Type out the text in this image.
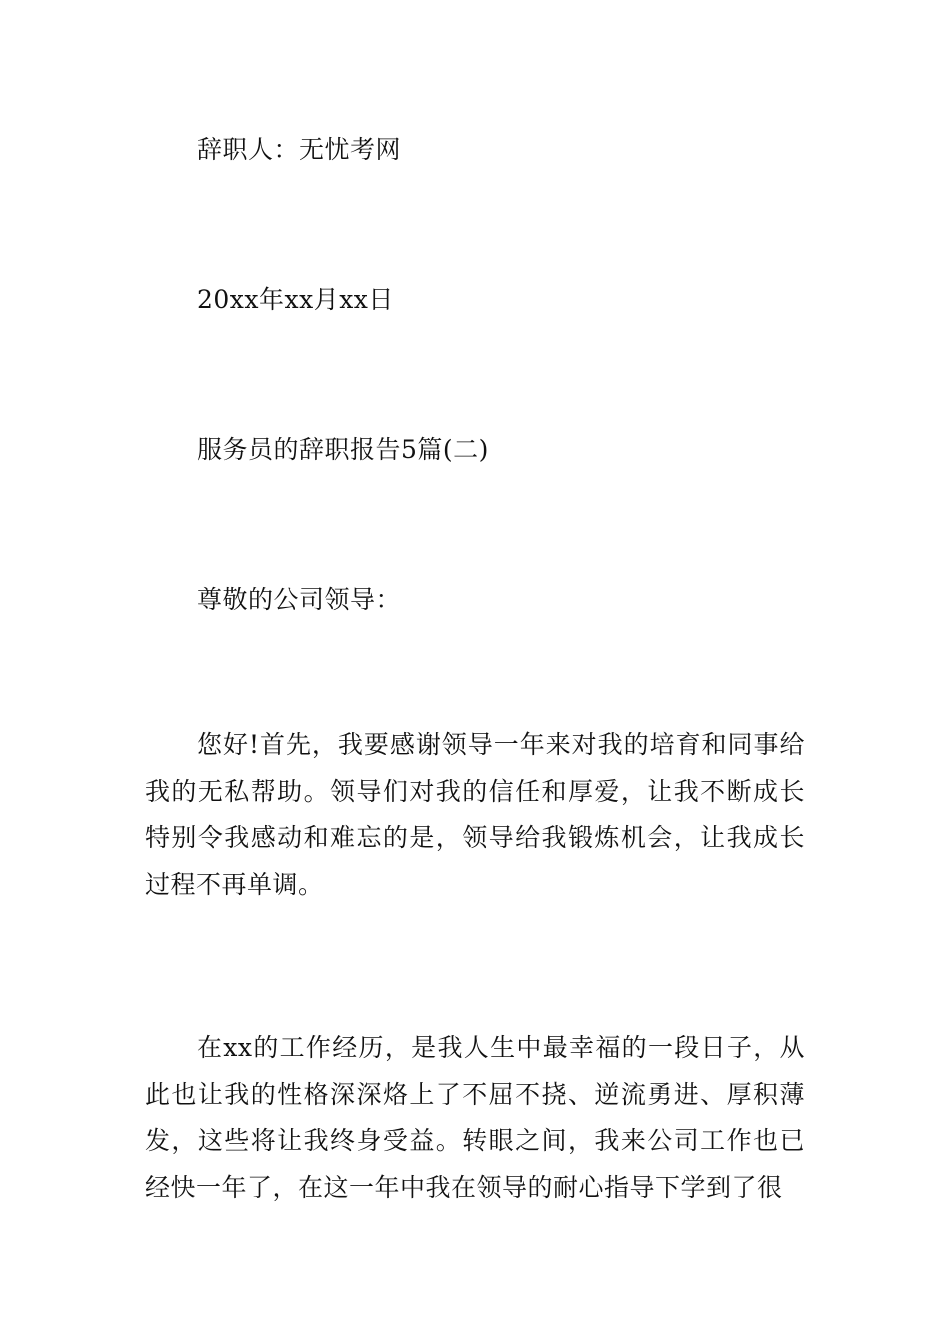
辞职人：无忧考网
20xx年xx月xx日
服务员的辞职报告5篇(二)
尊敬的公司领导：
您好!首先，我要感谢领导一年来对我的培育和同事给我的无私帮助。领导们对我的信任和厚爱，让我不断成长特别令我感动和难忘的是，领导给我锻炼机会，让我成长过程不再单调。
在xx的工作经历，是我人生中最幸福的一段日子，从此也让我的性格深深烙上了不屈不挠、逆流勇进、厚积薄发，这些将让我终身受益。转眼之间，我来公司工作也已经快一年了，在这一年中我在领导的耐心指导下学到了很
